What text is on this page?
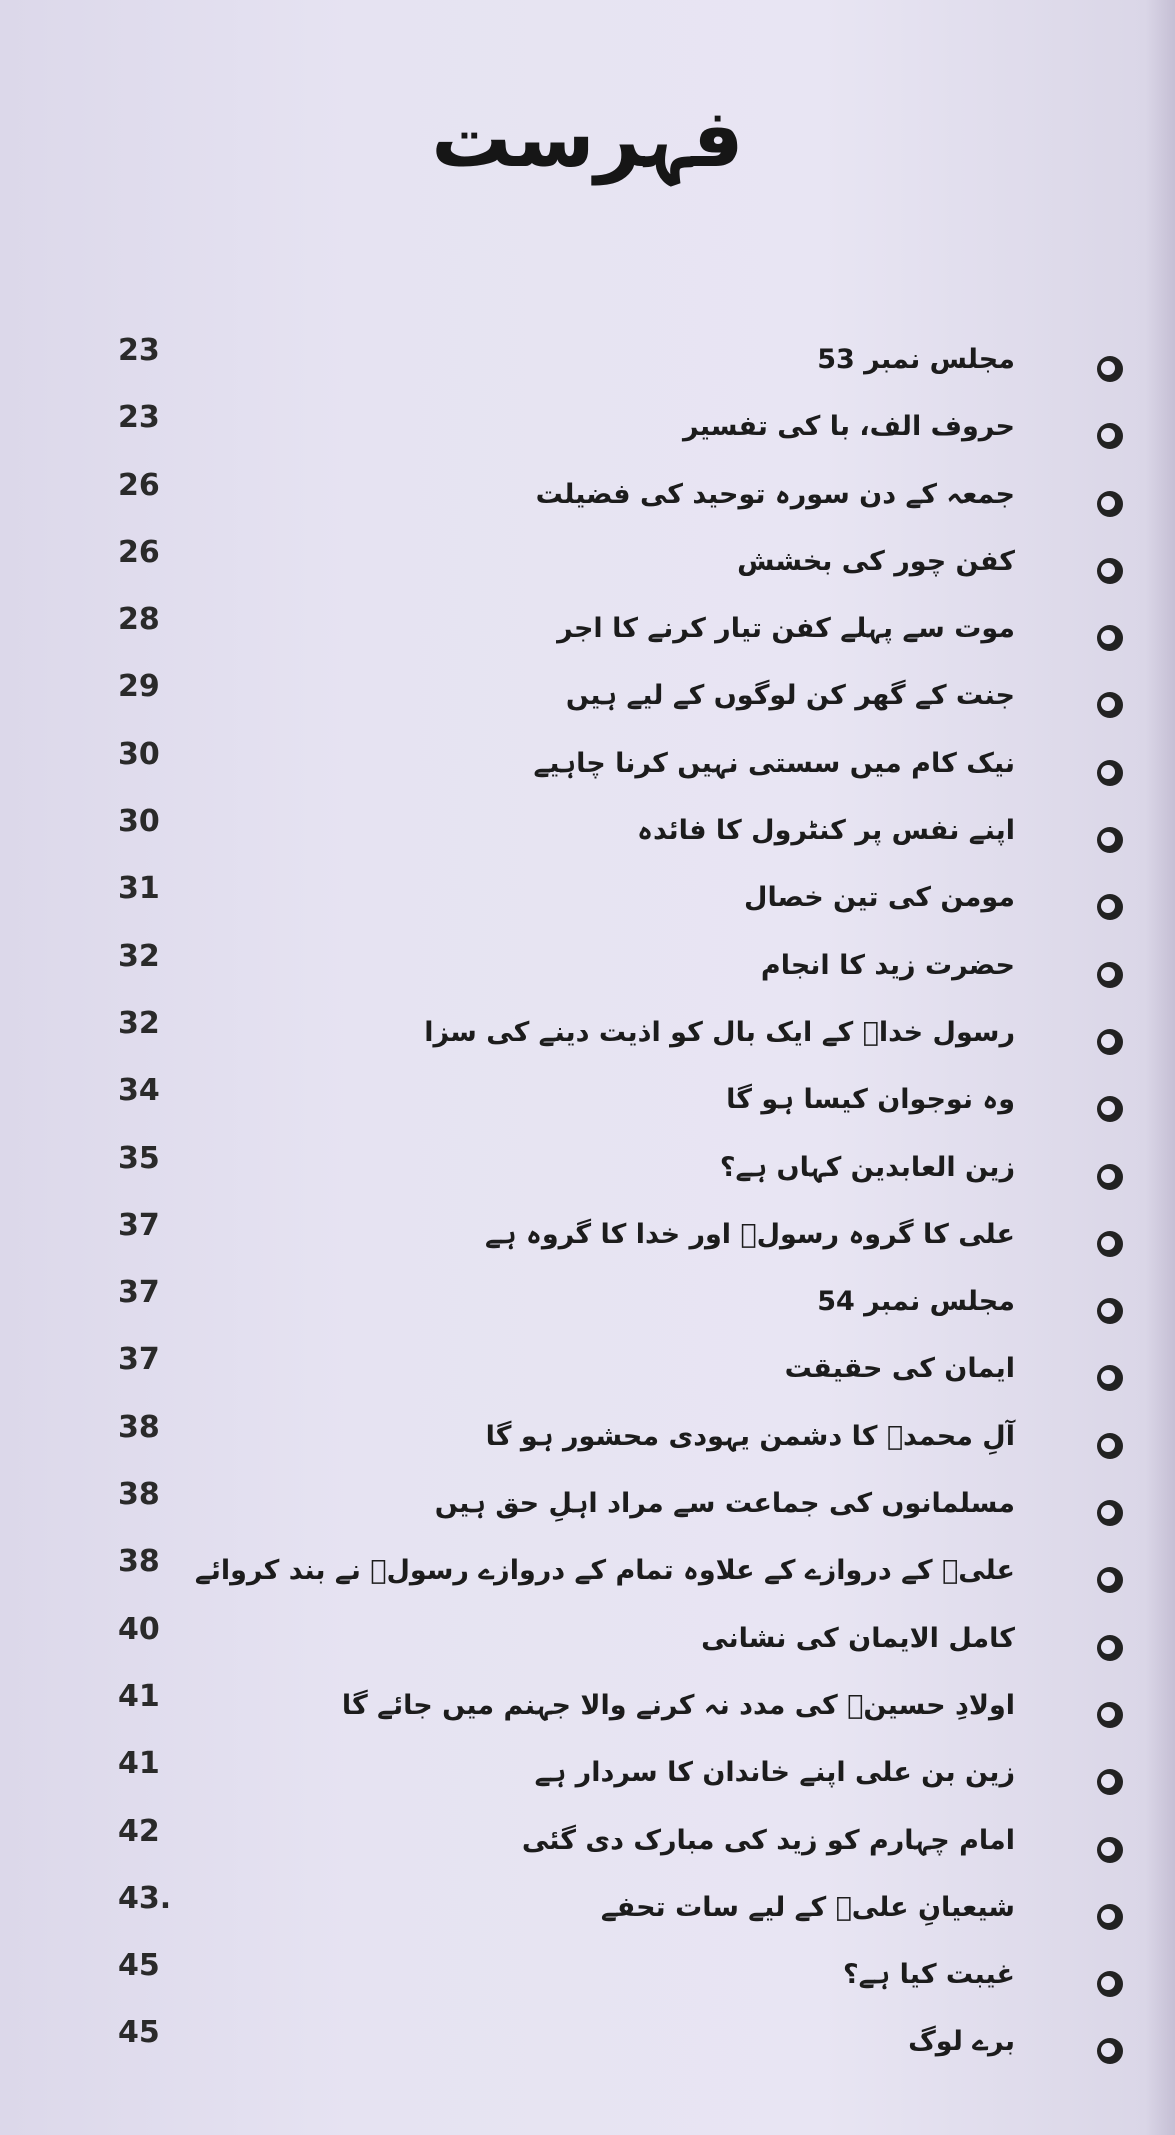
فہرست
23	مجلس نمبر 53
23	حروف الف، با کی تفسیر
26	جمعہ کے دن سورہ توحید کی فضیلت
26	کفن چور کی بخشش
28	موت سے پہلے کفن تیار کرنے کا اجر
29	جنت کے گھر کن لوگوں کے لیے ہیں
30	نیک کام میں سستی نہیں کرنا چاہیے
30	اپنے نفس پر کنٹرول کا فائدہ
31	مومن کی تین خصال
32	حضرت زید کا انجام
32	رسول خداؐ کے ایک بال کو اذیت دینے کی سزا
34	وہ نوجوان کیسا ہو گا
35	زین العابدین کہاں ہے؟
37	علی کا گروہ رسولؐ اور خدا کا گروہ ہے
37	مجلس نمبر 54
37	ایمان کی حقیقت
38	آلِ محمدؐ کا دشمن یہودی محشور ہو گا
38	مسلمانوں کی جماعت سے مراد اہلِ حق ہیں
38	علیؑ کے دروازے کے علاوہ تمام کے دروازے رسولؐ نے بند کروائے
40	کامل الایمان کی نشانی
41	اولادِ حسینؑ کی مدد نہ کرنے والا جہنم میں جائے گا
41	زین بن علی اپنے خاندان کا سردار ہے
42	امام چہارم کو زید کی مبارک دی گئی
43.	شیعیانِ علیؑ کے لیے سات تحفے
45	غیبت کیا ہے؟
45	برے لوگ
